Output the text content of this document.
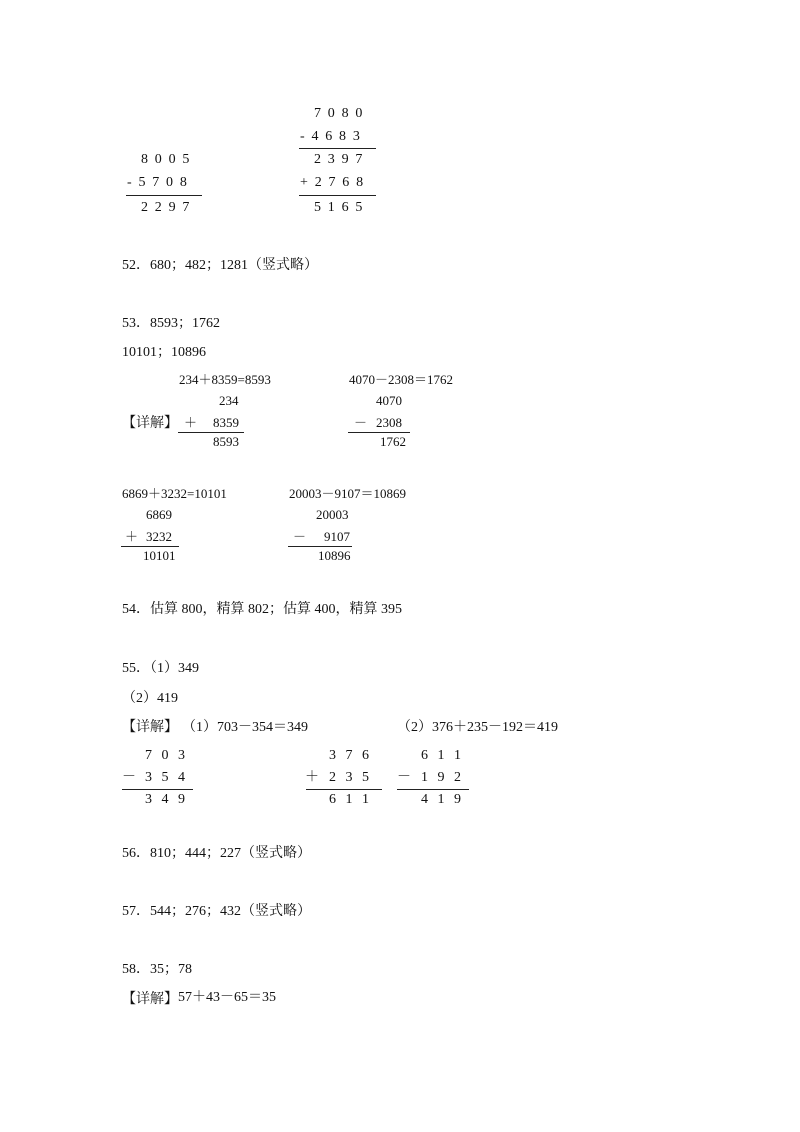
8005
-5708
2297
7080
-4683
2397
+2768
5165
52．680；482；1281（竖式略）
53．8593；1762
10101；10896
234＋8359=8593	4070－2308＝1762
【详解】
234
＋ 8359
8593
4070
－ 2308
1762
6869＋3232=10101	20003－9107＝10869
6869
＋ 3232
10101
20003
－ 9107
10896
54．估算 800，精算 802；估算 400，精算 395
55．（1）349
（2）419
【详解】 （1）703－354＝349	（2）376＋235－192＝419
7 0 3
－ 3 5 4
3 4 9
3 7 6
＋ 2 3 5
6 1 1
6 1 1
－ 1 9 2
4 1 9
56．810；444；227（竖式略）
57．544；276；432（竖式略）
58．35；78
【详解】 57＋43－65＝35
